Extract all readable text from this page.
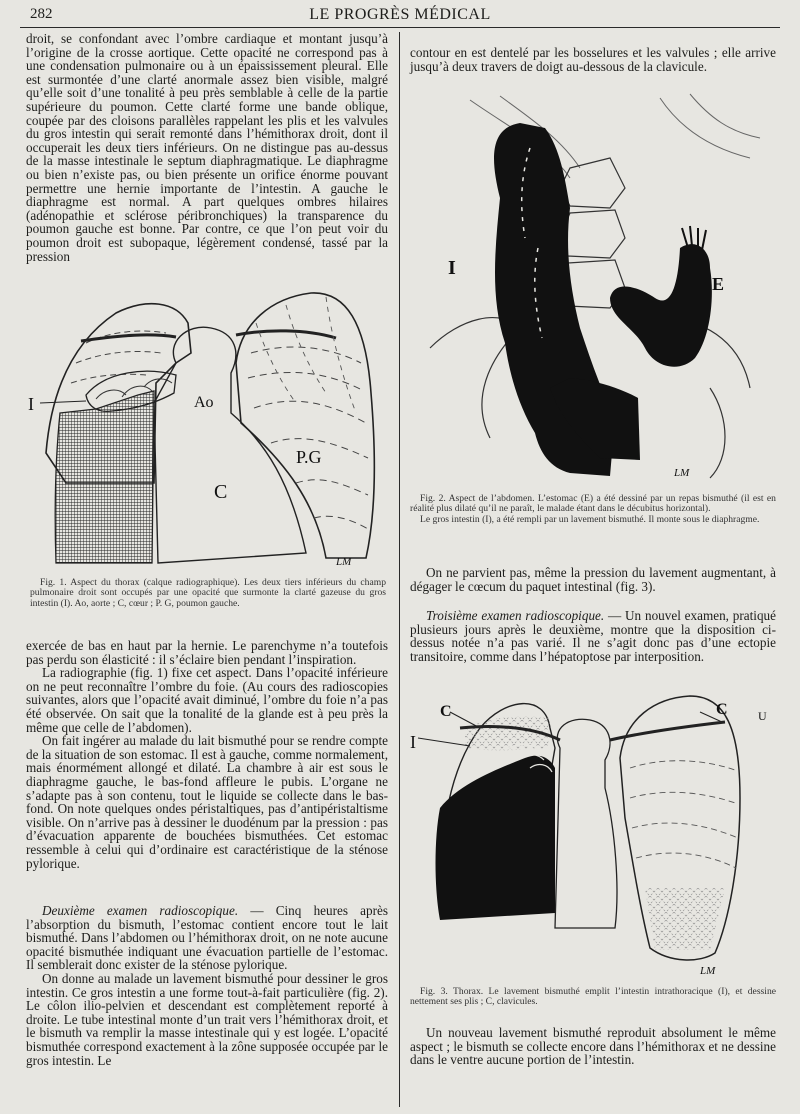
282	LE PROGRÈS MÉDICAL

droit, se confondant avec l’ombre cardiaque et montant jusqu’à l’origine de la crosse aortique. Cette opacité ne correspond pas à une condensation pulmonaire ou à un épaississement pleural. Elle est surmontée d’une clarté anormale assez bien visible, malgré qu’elle soit d’une tonalité à peu près semblable à celle de la partie supérieure du poumon. Cette clarté forme une bande oblique, coupée par des cloisons parallèles rappelant les plis et les valvules du gros intestin qui serait remonté dans l’hémithorax droit, dont il occuperait les deux tiers inférieurs. On ne distingue pas au-dessus de la masse intestinale le septum diaphragmatique. Le diaphragme ou bien n’existe pas, ou bien présente un orifice énorme pouvant permettre une hernie importante de l’intestin. A gauche le diaphragme est normal. A part quelques ombres hilaires (adénopathie et sclérose péribronchiques) la transparence du poumon gauche est bonne. Par contre, ce que l’on peut voir du poumon droit est subopaque, légèrement condensé, tassé par la pression

I	Ao
C
P.G
LM

Fig. 1. Aspect du thorax (calque radiographique). Les deux tiers inférieurs du champ pulmonaire droit sont occupés par une opacité que surmonte la clarté gazeuse du gros intestin (I). Ao, aorte ; C, cœur ; P. G, poumon gauche.

exercée de bas en haut par la hernie. Le parenchyme n’a toutefois pas perdu son élasticité : il s’éclaire bien pendant l’inspiration.

La radiographie (fig. 1) fixe cet aspect. Dans l’opacité inférieure on ne peut reconnaître l’ombre du foie. (Au cours des radioscopies suivantes, alors que l’opacité avait diminué, l’ombre du foie n’a pas été observée. On sait que la tonalité de la glande est à peu près la même que celle de l’abdomen).

On fait ingérer au malade du lait bismuthé pour se rendre compte de la situation de son estomac. Il est à gauche, comme normalement, mais énormément allongé et dilaté. La chambre à air est sous le diaphragme gauche, le bas-fond affleure le pubis. L’organe ne s’adapte pas à son contenu, tout le liquide se collecte dans le bas-fond. On note quelques ondes péristaltiques, pas d’antipéristaltisme visible. On n’arrive pas à dessiner le duodénum par la pression : pas d’évacuation apparente de bouchées bismuthées. Cet estomac ressemble à celui qui d’ordinaire est caractéristique de la sténose pylorique.

Deuxième examen radioscopique. — Cinq heures après l’absorption du bismuth, l’estomac contient encore tout le lait bismuthé. Dans l’abdomen ou l’hémithorax droit, on ne note aucune opacité bismuthée indiquant une évacuation partielle de l’estomac. Il semblerait donc exister de la sténose pylorique.

On donne au malade un lavement bismuthé pour dessiner le gros intestin. Ce gros intestin a une forme tout-à-fait particulière (fig. 2). Le côlon ilio-pelvien et descendant est complètement reporté à droite. Le tube intestinal monte d’un trait vers l’hémithorax droit, et le bismuth va remplir la masse intestinale qui y est logée. L’opacité bismuthée correspond exactement à la zône supposée occupée par le gros intestin. Le

contour en est dentelé par les bosselures et les valvules ; elle arrive jusqu’à deux travers de doigt au-dessous de la clavicule.

I
E
LM

Fig. 2. Aspect de l’abdomen. L’estomac (E) a été dessiné par un repas bismuthé (il est en réalité plus dilaté qu’il ne paraît, le malade étant dans le décubitus horizontal).

Le gros intestin (I), a été rempli par un lavement bismuthé. Il monte sous le diaphragme.

On ne parvient pas, même la pression du lavement augmentant, à dégager le cœcum du paquet intestinal (fig. 3).

Troisième examen radioscopique. — Un nouvel examen, pratiqué plusieurs jours après le deuxième, montre que la disposition ci-dessus notée n’a pas varié. Il ne s’agit donc pas d’une ectopie transitoire, comme dans l’hépatoptose par interposition.

C	C
I
U
LM

Fig. 3. Thorax. Le lavement bismuthé emplit l’intestin intrathoracique (I), et dessine nettement ses plis ; C, clavicules.

Un nouveau lavement bismuthé reproduit absolument le même aspect ; le bismuth se collecte encore dans l’hémithorax et ne dessine dans le ventre aucune portion de l’intestin.
